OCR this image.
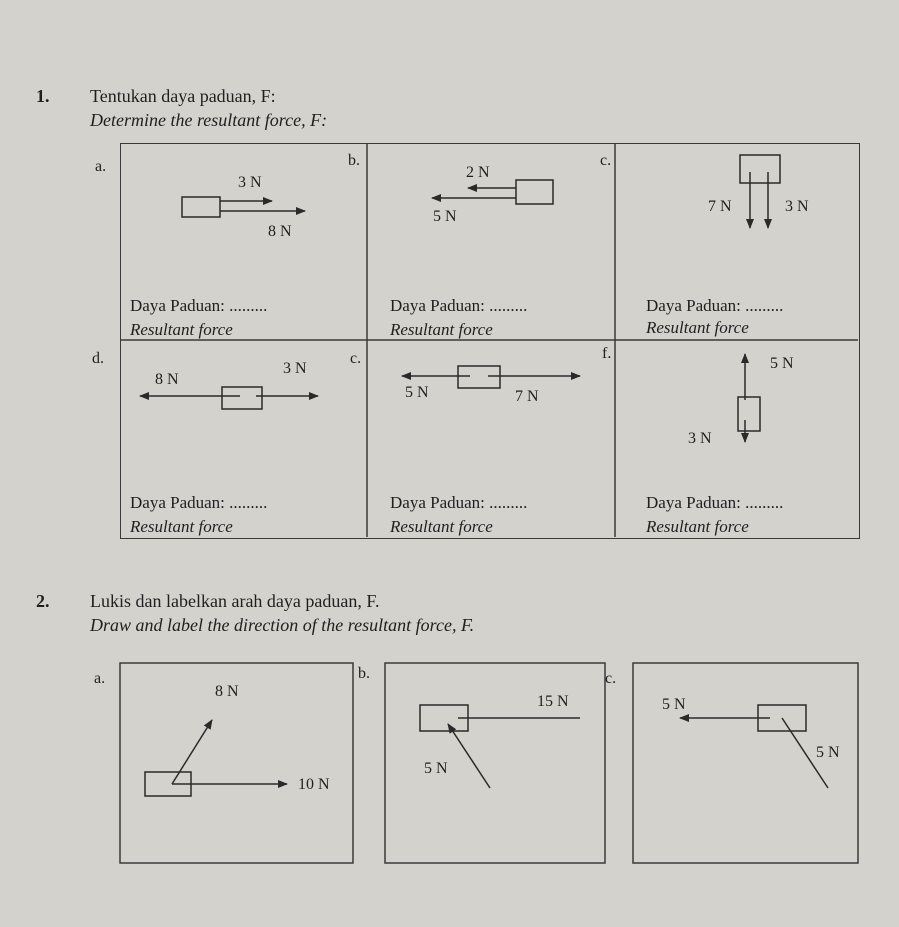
1. Tentukan daya paduan, F:
Determine the resultant force, F:
a.	b.	c.
d.	c.	f.
3 N
8 N
2 N
5 N
7 N	3 N
8 N
3 N
5 N	7 N
5 N
3 N
Daya Paduan: .........
Resultant force
Daya Paduan: .........
Resultant force
Daya Paduan: .........
Resultant force
Daya Paduan: .........
Resultant force
Daya Paduan: .........
Resultant force
Daya Paduan: .........
Resultant force
2. Lukis dan labelkan arah daya paduan, F.
Draw and label the direction of the resultant force, F.
a.	b.	c.
8 N
10 N
15 N
5 N
5 N
5 N
